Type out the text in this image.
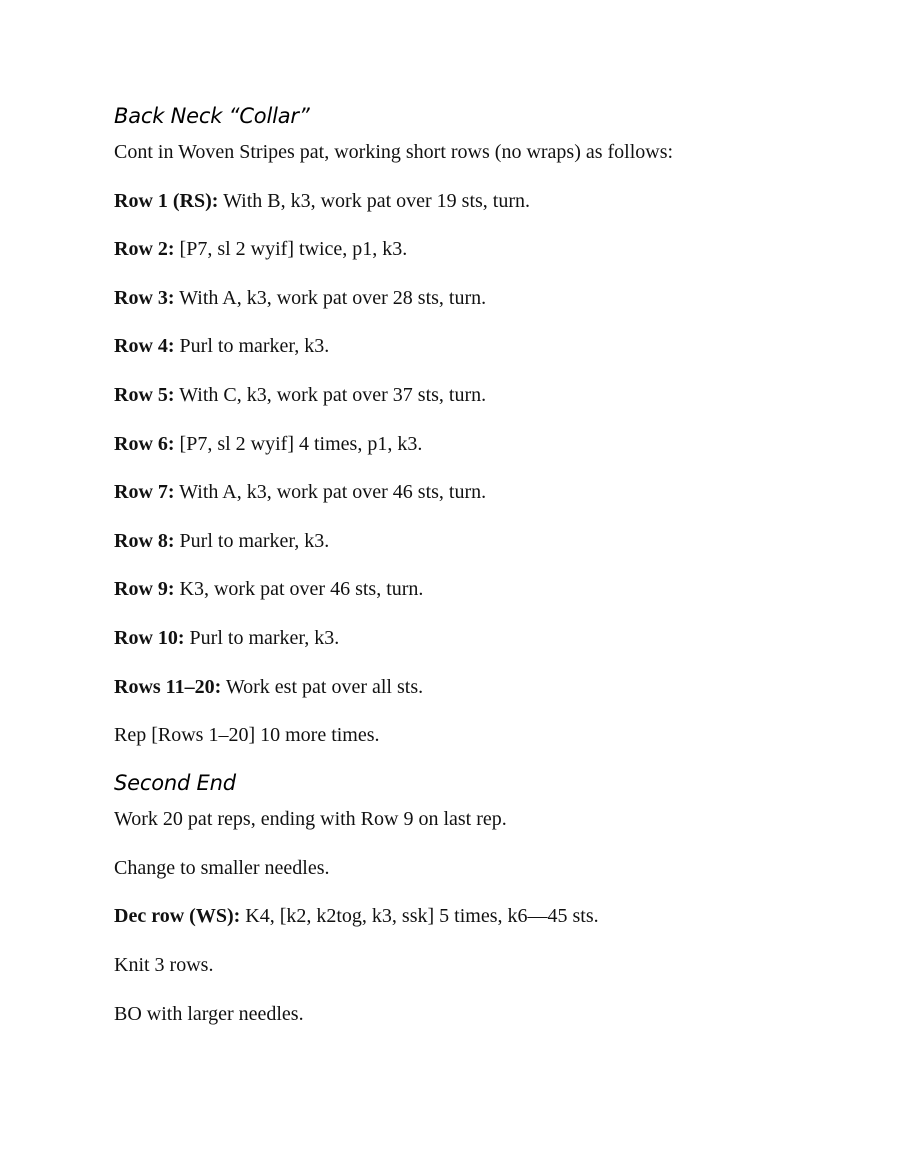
Back Neck “Collar”

Cont in Woven Stripes pat, working short rows (no wraps) as follows:

Row 1 (RS): With B, k3, work pat over 19 sts, turn.

Row 2: [P7, sl 2 wyif] twice, p1, k3.

Row 3: With A, k3, work pat over 28 sts, turn.

Row 4: Purl to marker, k3.

Row 5: With C, k3, work pat over 37 sts, turn.

Row 6: [P7, sl 2 wyif] 4 times, p1, k3.

Row 7: With A, k3, work pat over 46 sts, turn.

Row 8: Purl to marker, k3.

Row 9: K3, work pat over 46 sts, turn.

Row 10: Purl to marker, k3.

Rows 11–20: Work est pat over all sts.

Rep [Rows 1–20] 10 more times.

Second End

Work 20 pat reps, ending with Row 9 on last rep.

Change to smaller needles.

Dec row (WS): K4, [k2, k2tog, k3, ssk] 5 times, k6—45 sts.

Knit 3 rows.

BO with larger needles.
